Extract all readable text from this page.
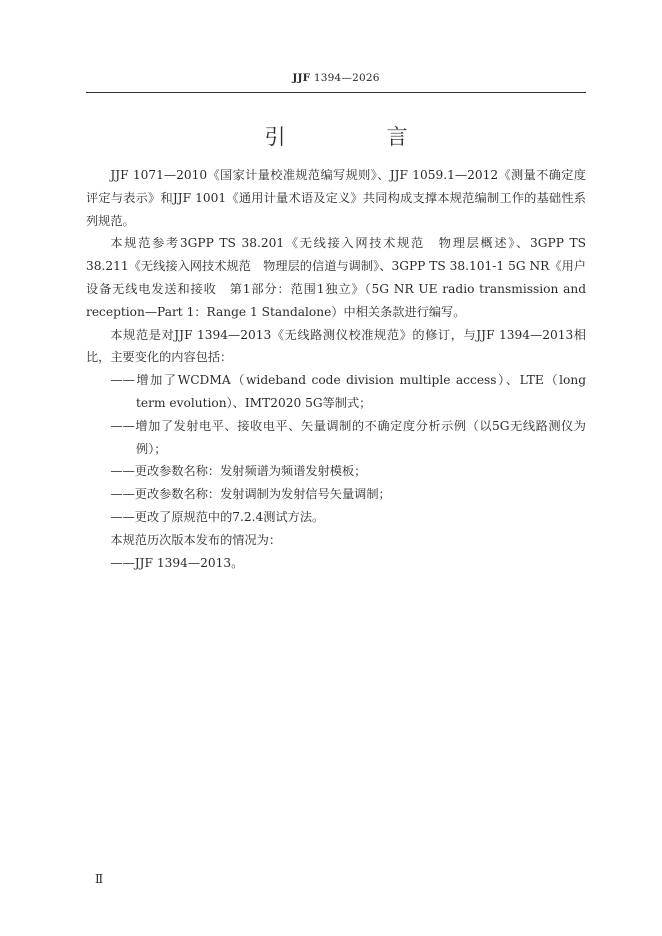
JJF 1394—2026
引　言

JJF 1071—2010《国家计量校准规范编写规则》、JJF 1059.1—2012《测量不确定度评定与表示》和JJF 1001《通用计量术语及定义》共同构成支撑本规范编制工作的基础性系列规范。

本规范参考3GPP TS 38.201《无线接入网技术规范　物理层概述》、3GPP TS 38.211《无线接入网技术规范　物理层的信道与调制》、3GPP TS 38.101-1 5G NR《用户设备无线电发送和接收　第1部分：范围1独立》（5G NR UE radio transmission and reception—Part 1：Range 1 Standalone）中相关条款进行编写。

本规范是对JJF 1394—2013《无线路测仪校准规范》的修订，与JJF 1394—2013相比，主要变化的内容包括：

——增加了WCDMA（wideband code division multiple access）、LTE（long term evolution）、IMT2020 5G等制式；

——增加了发射电平、接收电平、矢量调制的不确定度分析示例（以5G无线路测仪为例）；

——更改参数名称：发射频谱为频谱发射模板；

——更改参数名称：发射调制为发射信号矢量调制；

——更改了原规范中的7.2.4测试方法。

本规范历次版本发布的情况为：

——JJF 1394—2013。

Ⅱ
